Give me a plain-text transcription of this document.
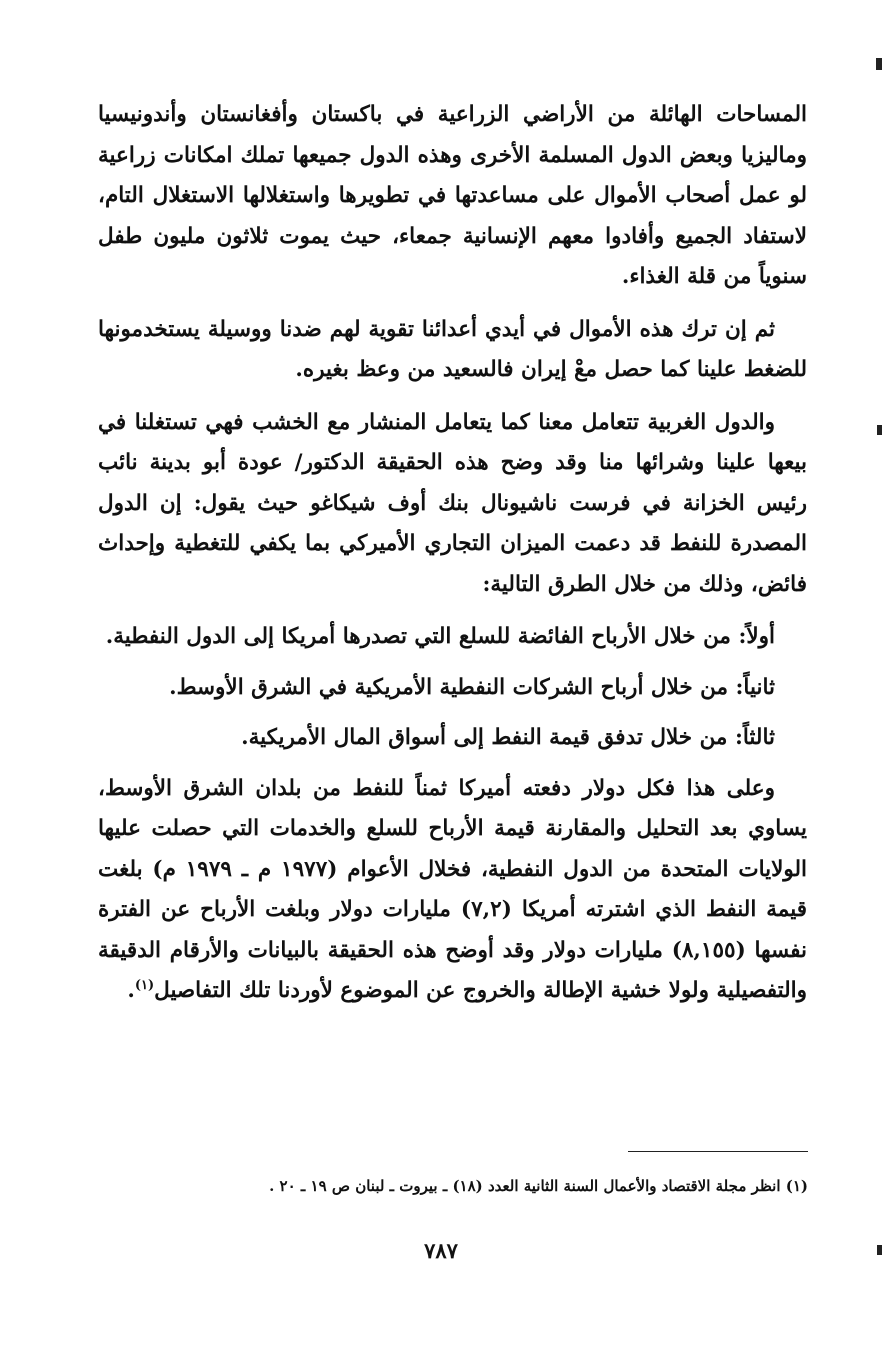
المساحات الهائلة من الأراضي الزراعية في باكستان وأفغانستان وأندونيسيا وماليزيا وبعض الدول المسلمة الأخرى وهذه الدول جميعها تملك امكانات زراعية لو عمل أصحاب الأموال على مساعدتها في تطويرها واستغلالها الاستغلال التام، لاستفاد الجميع وأفادوا معهم الإنسانية جمعاء، حيث يموت ثلاثون مليون طفل سنوياً من قلة الغذاء.

ثم إن ترك هذه الأموال في أيدي أعدائنا تقوية لهم ضدنا ووسيلة يستخدمونها للضغط علينا كما حصل معْ إيران فالسعيد من وعظ بغيره.

والدول الغربية تتعامل معنا كما يتعامل المنشار مع الخشب فهي تستغلنا في بيعها علينا وشرائها منا وقد وضح هذه الحقيقة الدكتور/ عودة أبو بدينة نائب رئيس الخزانة في فرست ناشيونال بنك أوف شيكاغو حيث يقول: إن الدول المصدرة للنفط قد دعمت الميزان التجاري الأميركي بما يكفي للتغطية وإحداث فائض، وذلك من خلال الطرق التالية:

أولاً: من خلال الأرباح الفائضة للسلع التي تصدرها أمريكا إلى الدول النفطية.

ثانياً: من خلال أرباح الشركات النفطية الأمريكية في الشرق الأوسط.

ثالثاً: من خلال تدفق قيمة النفط إلى أسواق المال الأمريكية.

وعلى هذا فكل دولار دفعته أميركا ثمناً للنفط من بلدان الشرق الأوسط، يساوي بعد التحليل والمقارنة قيمة الأرباح للسلع والخدمات التي حصلت عليها الولايات المتحدة من الدول النفطية، فخلال الأعوام (١٩٧٧ م ـ ١٩٧٩ م) بلغت قيمة النفط الذي اشترته أمريكا (٧,٢) مليارات دولار وبلغت الأرباح عن الفترة نفسها (٨,١٥٥) مليارات دولار وقد أوضح هذه الحقيقة بالبيانات والأرقام الدقيقة والتفصيلية ولولا خشية الإطالة والخروج عن الموضوع لأوردنا تلك التفاصيل$^{(١)}$.

(١) انظر مجلة الاقتصاد والأعمال السنة الثانية العدد (١٨) ـ بيروت ـ لبنان ص ١٩ ـ ٢٠ .
٧٨٧
